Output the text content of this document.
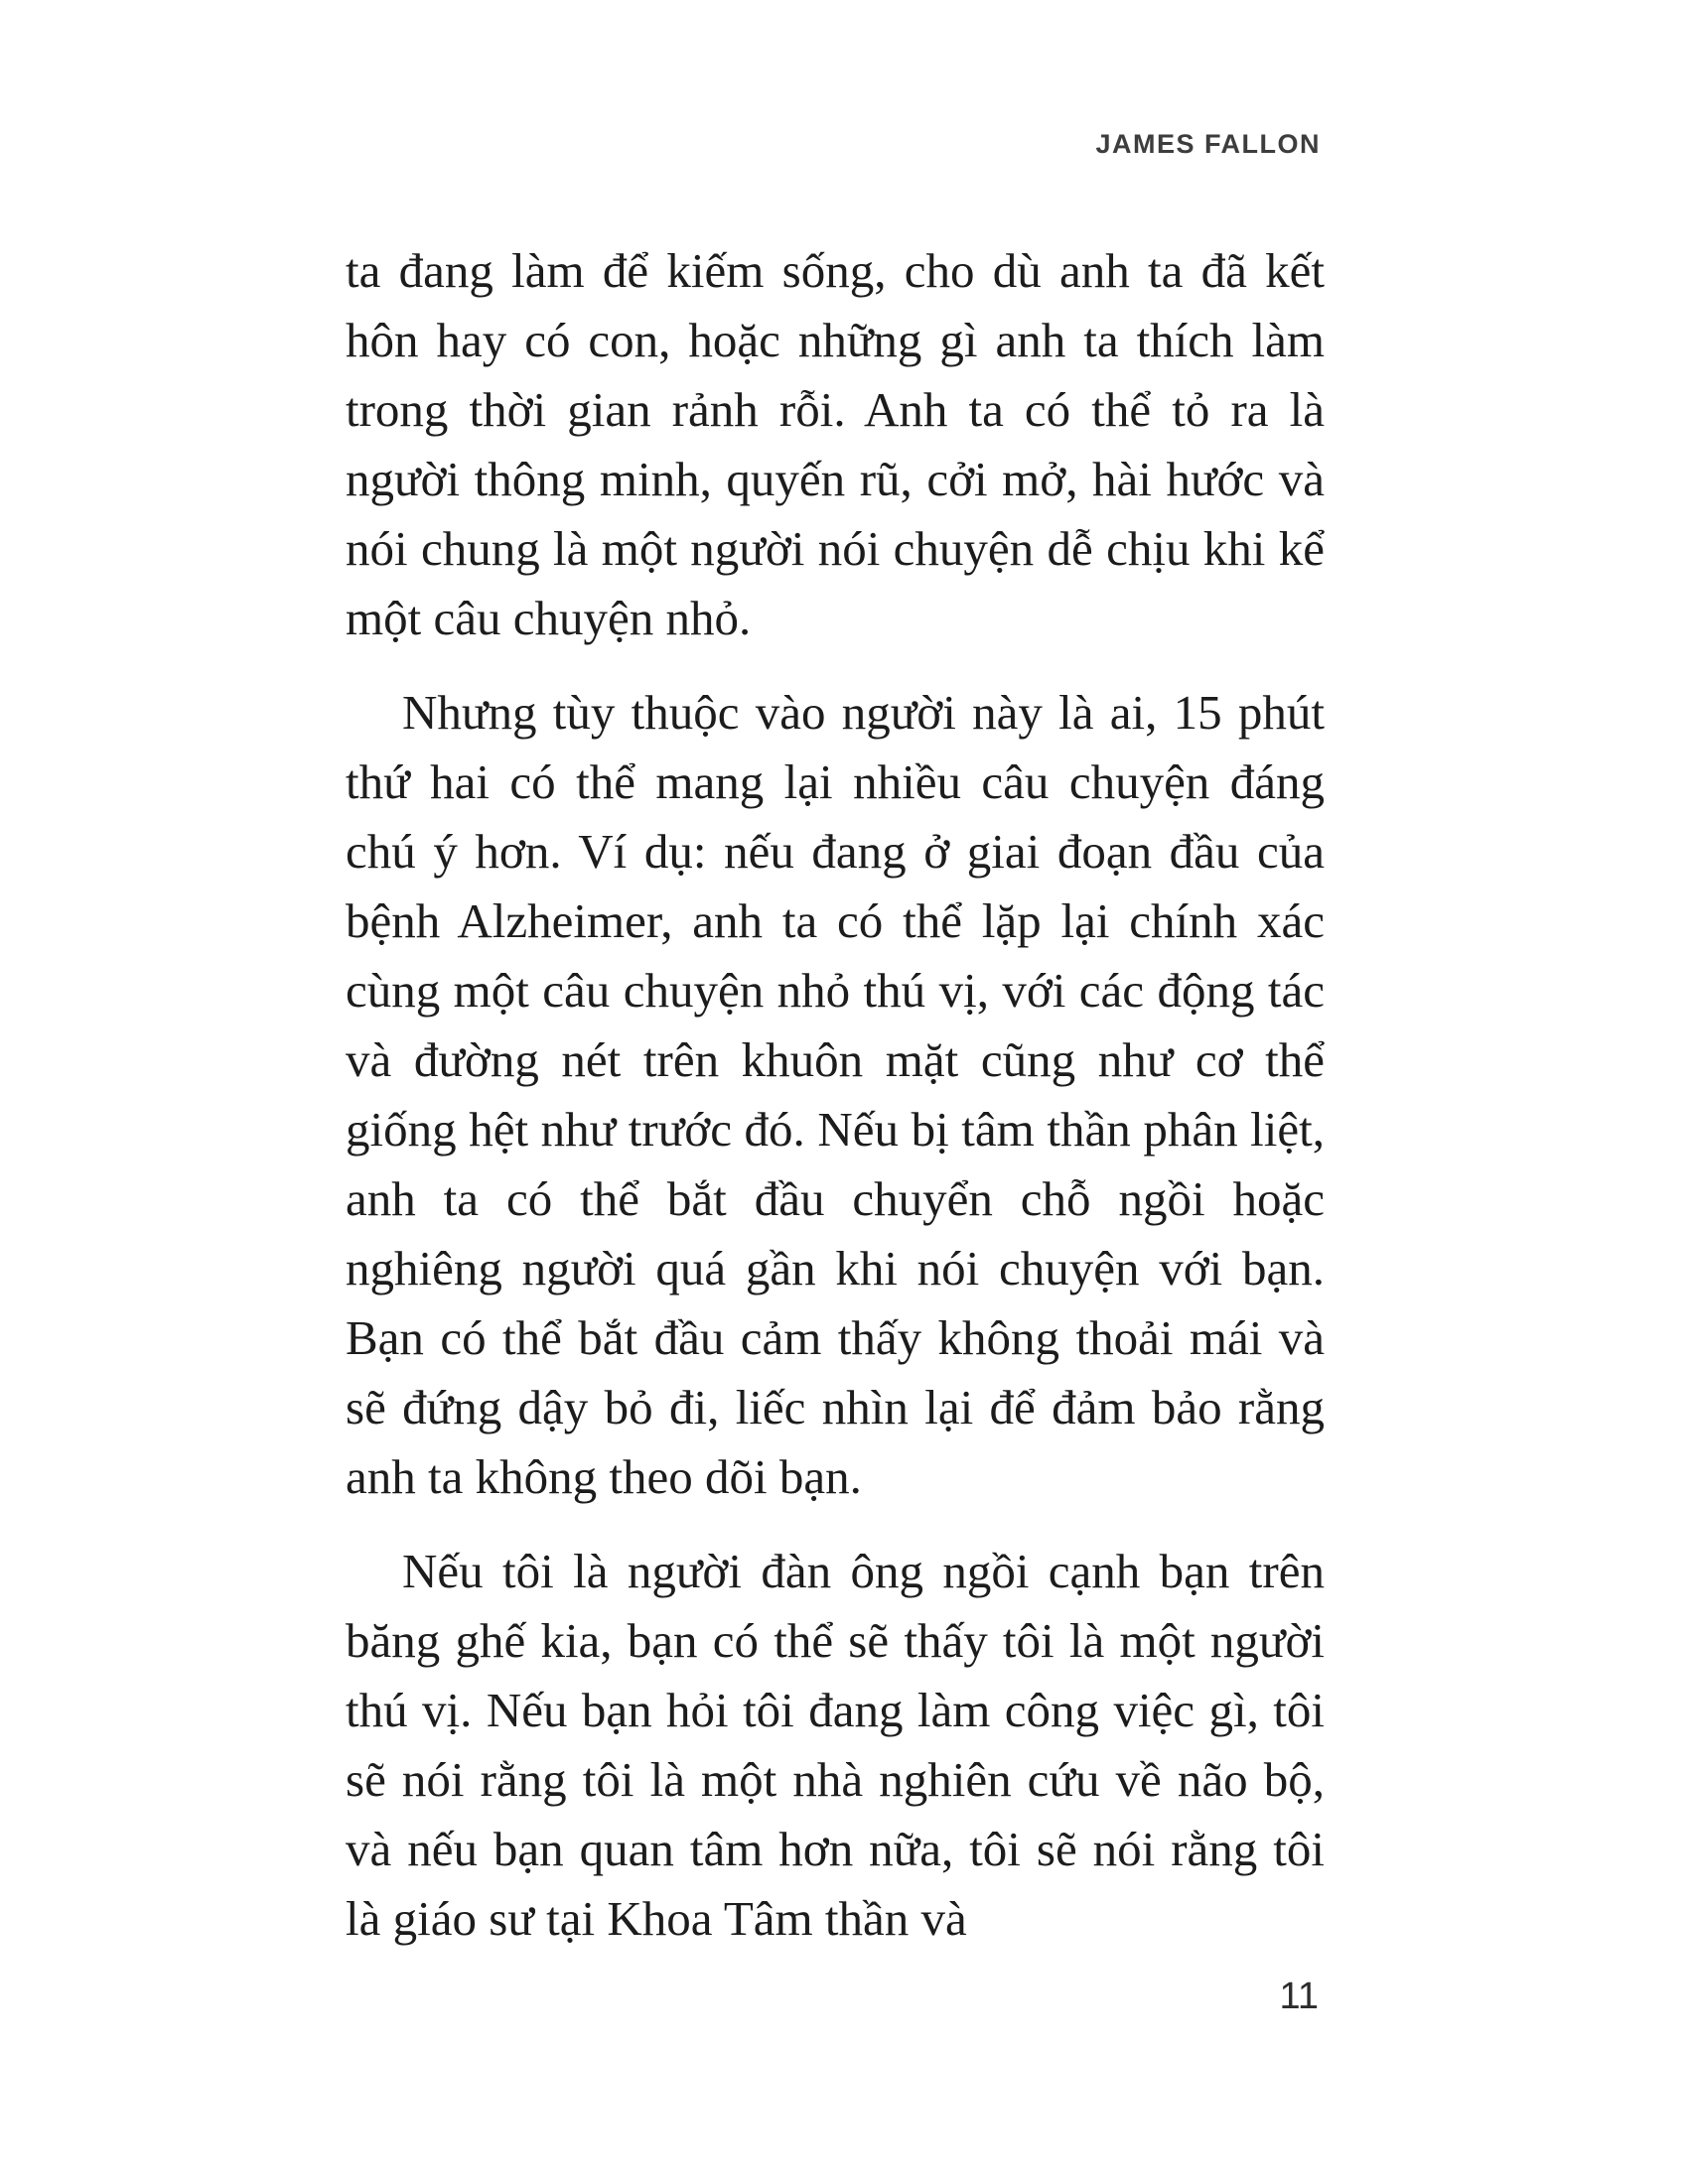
JAMES FALLON

ta đang làm để kiếm sống, cho dù anh ta đã kết hôn hay có con, hoặc những gì anh ta thích làm trong thời gian rảnh rỗi. Anh ta có thể tỏ ra là người thông minh, quyến rũ, cởi mở, hài hước và nói chung là một người nói chuyện dễ chịu khi kể một câu chuyện nhỏ.

Nhưng tùy thuộc vào người này là ai, 15 phút thứ hai có thể mang lại nhiều câu chuyện đáng chú ý hơn. Ví dụ: nếu đang ở giai đoạn đầu của bệnh Alzheimer, anh ta có thể lặp lại chính xác cùng một câu chuyện nhỏ thú vị, với các động tác và đường nét trên khuôn mặt cũng như cơ thể giống hệt như trước đó. Nếu bị tâm thần phân liệt, anh ta có thể bắt đầu chuyển chỗ ngồi hoặc nghiêng người quá gần khi nói chuyện với bạn. Bạn có thể bắt đầu cảm thấy không thoải mái và sẽ đứng dậy bỏ đi, liếc nhìn lại để đảm bảo rằng anh ta không theo dõi bạn.

Nếu tôi là người đàn ông ngồi cạnh bạn trên băng ghế kia, bạn có thể sẽ thấy tôi là một người thú vị. Nếu bạn hỏi tôi đang làm công việc gì, tôi sẽ nói rằng tôi là một nhà nghiên cứu về não bộ, và nếu bạn quan tâm hơn nữa, tôi sẽ nói rằng tôi là giáo sư tại Khoa Tâm thần và

11
